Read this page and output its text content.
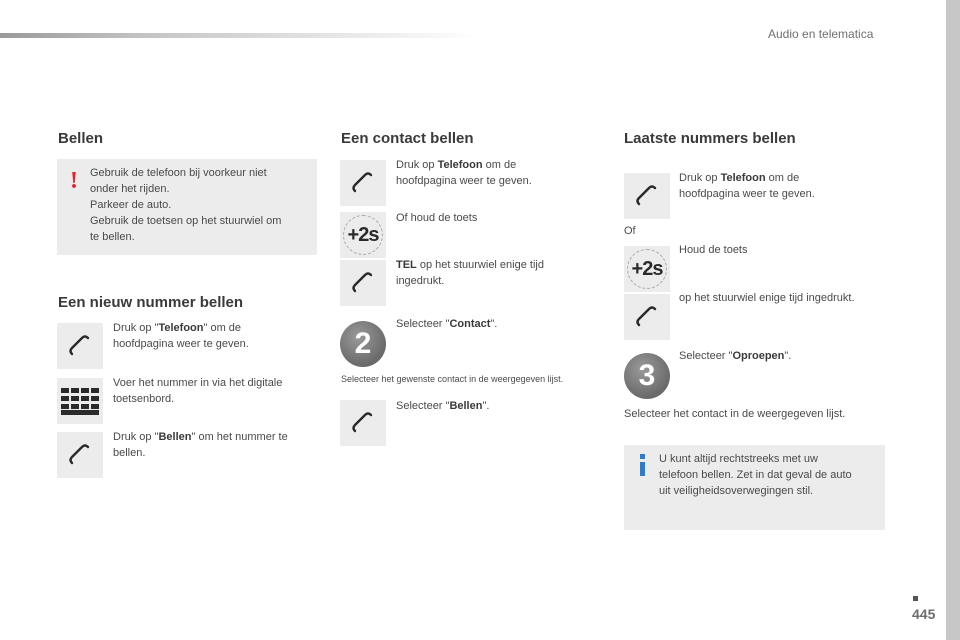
Audio en telematica
445
Bellen
! Gebruik de telefoon bij voorkeur niet
onder het rijden.
Parkeer de auto.
Gebruik de toetsen op het stuurwiel om
te bellen.
Een nieuw nummer bellen
Druk op "Telefoon" om de
hoofdpagina weer te geven.
Voer het nummer in via het digitale
toetsenbord.
Druk op "Bellen" om het nummer te
bellen.
Een contact bellen
Druk op Telefoon om de
hoofdpagina weer te geven.
+2s
Of houd de toets
TEL op het stuurwiel enige tijd
ingedrukt.
2
Selecteer "Contact".
Selecteer het gewenste contact in de weergegeven lijst.
Selecteer "Bellen".
Laatste nummers bellen
Druk op Telefoon om de
hoofdpagina weer te geven.
Of
+2s
Houd de toets
op het stuurwiel enige tijd ingedrukt.
3
Selecteer "Oproepen".
Selecteer het contact in de weergegeven lijst.
U kunt altijd rechtstreeks met uw
telefoon bellen. Zet in dat geval de auto
uit veiligheidsoverwegingen stil.
